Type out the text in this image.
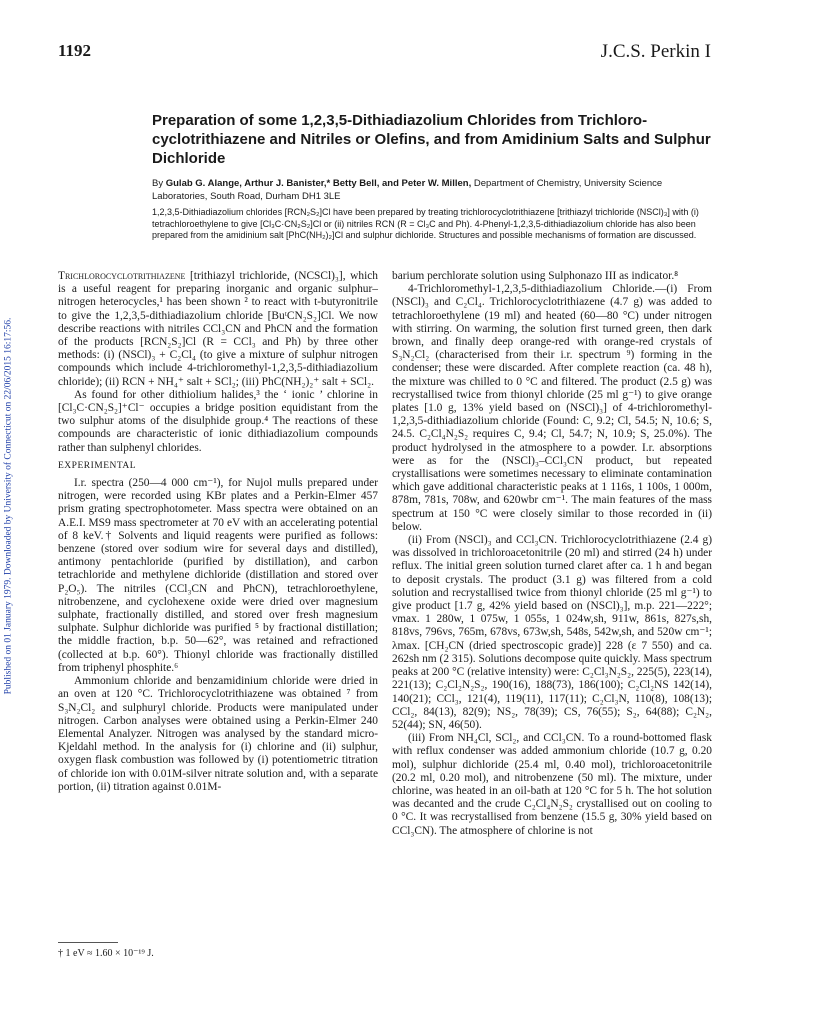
1192	J.C.S. Perkin I
Published on 01 January 1979. Downloaded by University of Connecticut on 22/06/2015 16:17:56.
Preparation of some 1,2,3,5-Dithiadiazolium Chlorides from Trichloro-cyclotrithiazene and Nitriles or Olefins, and from Amidinium Salts and Sulphur Dichloride
By Gulab G. Alange, Arthur J. Banister,* Betty Bell, and Peter W. Millen, Department of Chemistry, University Science Laboratories, South Road, Durham DH1 3LE
1,2,3,5-Dithiadiazolium chlorides [RCN₂S₂]Cl have been prepared by treating trichlorocyclotrithiazene [trithiazyl trichloride (NSCl)₃] with (i) tetrachloroethylene to give [Cl₃C·CN₂S₂]Cl or (ii) nitriles RCN (R = Cl₃C and Ph). 4-Phenyl-1,2,3,5-dithiadiazolium chloride has also been prepared from the amidinium salt [PhC(NH₂)₂]Cl and sulphur dichloride. Structures and possible mechanisms of formation are discussed.

Trichlorocyclotrithiazene [trithiazyl trichloride, (NCSCl)₃], which is a useful reagent for preparing inorganic and organic sulphur–nitrogen heterocycles,¹ has been shown ² to react with t-butyronitrile to give the 1,2,3,5-dithiadiazolium chloride [BuᵗCN₂S₂]Cl. We now describe reactions with nitriles CCl₃CN and PhCN and the formation of the products [RCN₂S₂]Cl (R = CCl₃ and Ph) by three other methods: (i) (NSCl)₃ + C₂Cl₄ (to give a mixture of sulphur nitrogen compounds which include 4-trichloromethyl-1,2,3,5-dithiadiazolium chloride); (ii) RCN + NH₄⁺ salt + SCl₂; (iii) PhC(NH₂)₂⁺ salt + SCl₂.

As found for other dithiolium halides,³ the ‘ ionic ’ chlorine in [Cl₃C·CN₂S₂]⁺Cl⁻ occupies a bridge position equidistant from the two sulphur atoms of the disulphide group.⁴ The reactions of these compounds are characteristic of ionic dithiadiazolium compounds rather than sulphenyl chlorides.

EXPERIMENTAL

I.r. spectra (250—4 000 cm⁻¹), for Nujol mulls prepared under nitrogen, were recorded using KBr plates and a Perkin-Elmer 457 prism grating spectrophotometer. Mass spectra were obtained on an A.E.I. MS9 mass spectrometer at 70 eV with an accelerating potential of 8 keV.† Solvents and liquid reagents were purified as follows: benzene (stored over sodium wire for several days and distilled), antimony pentachloride (purified by distillation), and carbon tetrachloride and methylene dichloride (distillation and stored over P₂O₅). The nitriles (CCl₃CN and PhCN), tetrachloroethylene, nitrobenzene, and cyclohexene oxide were dried over magnesium sulphate, fractionally distilled, and stored over fresh magnesium sulphate. Sulphur dichloride was purified ⁵ by fractional distillation; the middle fraction, b.p. 50—62°, was retained and refractioned (collected at b.p. 60°). Thionyl chloride was fractionally distilled from triphenyl phosphite.⁶

Ammonium chloride and benzamidinium chloride were dried in an oven at 120 °C. Trichlorocyclotrithiazene was obtained ⁷ from S₃N₂Cl₂ and sulphuryl chloride. Products were manipulated under nitrogen. Carbon analyses were obtained using a Perkin-Elmer 240 Elemental Analyzer. Nitrogen was analysed by the standard micro-Kjeldahl method. In the analysis for (i) chlorine and (ii) sulphur, oxygen flask combustion was followed by (i) potentiometric titration of chloride ion with 0.01M-silver nitrate solution and, with a separate portion, (ii) titration against 0.01M-

† 1 eV ≈ 1.60 × 10⁻¹⁹ J.

barium perchlorate solution using Sulphonazo III as indicator.⁸

4-Trichloromethyl-1,2,3,5-dithiadiazolium Chloride.—(i) From (NSCl)₃ and C₂Cl₄. Trichlorocyclotrithiazene (4.7 g) was added to tetrachloroethylene (19 ml) and heated (60—80 °C) under nitrogen with stirring. On warming, the solution first turned green, then dark brown, and finally deep orange-red with orange-red crystals of S₃N₂Cl₂ (characterised from their i.r. spectrum ⁹) forming in the condenser; these were discarded. After complete reaction (ca. 48 h), the mixture was chilled to 0 °C and filtered. The product (2.5 g) was recrystallised twice from thionyl chloride (25 ml g⁻¹) to give orange plates [1.0 g, 13% yield based on (NSCl)₃] of 4-trichloromethyl-1,2,3,5-dithiadiazolium chloride (Found: C, 9.2; Cl, 54.5; N, 10.6; S, 24.5. C₂Cl₄N₂S₂ requires C, 9.4; Cl, 54.7; N, 10.9; S, 25.0%). The product hydrolysed in the atmosphere to a powder. I.r. absorptions were as for the (NSCl)₃–CCl₃CN product, but repeated crystallisations were sometimes necessary to eliminate contamination which gave additional characteristic peaks at 1 116s, 1 100s, 1 000m, 878m, 781s, 708w, and 620wbr cm⁻¹. The main features of the mass spectrum at 150 °C were closely similar to those recorded in (ii) below.

(ii) From (NSCl)₃ and CCl₃CN. Trichlorocyclotrithiazene (2.4 g) was dissolved in trichloroacetonitrile (20 ml) and stirred (24 h) under reflux. The initial green solution turned claret after ca. 1 h and began to deposit crystals. The product (3.1 g) was filtered from a cold solution and recrystallised twice from thionyl chloride (25 ml g⁻¹) to give product [1.7 g, 42% yield based on (NSCl)₃], m.p. 221—222°; νmax. 1 280w, 1 075w, 1 055s, 1 024w,sh, 911w, 861s, 827s,sh, 818vs, 796vs, 765m, 678vs, 673w,sh, 548s, 542w,sh, and 520w cm⁻¹; λmax. [CH₂CN (dried spectroscopic grade)] 228 (ε 7 550) and ca. 262sh nm (2 315). Solutions decompose quite quickly. Mass spectrum peaks at 200 °C (relative intensity) were: C₂Cl₃N₂S₂, 225(5), 223(14), 221(13); C₂Cl₂N₂S₂, 190(16), 188(73), 186(100); C₂Cl₂NS 142(14), 140(21); CCl₃, 121(4), 119(11), 117(11); C₂Cl₃N, 110(8), 108(13); CCl₂, 84(13), 82(9); NS₂, 78(39); CS, 76(55); S₂, 64(88); C₂N₂, 52(44); SN, 46(50).

(iii) From NH₄Cl, SCl₂, and CCl₃CN. To a round-bottomed flask with reflux condenser was added ammonium chloride (10.7 g, 0.20 mol), sulphur dichloride (25.4 ml, 0.40 mol), trichloroacetonitrile (20.2 ml, 0.20 mol), and nitrobenzene (50 ml). The mixture, under chlorine, was heated in an oil-bath at 120 °C for 5 h. The hot solution was decanted and the crude C₂Cl₄N₂S₂ crystallised out on cooling to 0 °C. It was recrystallised from benzene (15.5 g, 30% yield based on CCl₃CN). The atmosphere of chlorine is not
